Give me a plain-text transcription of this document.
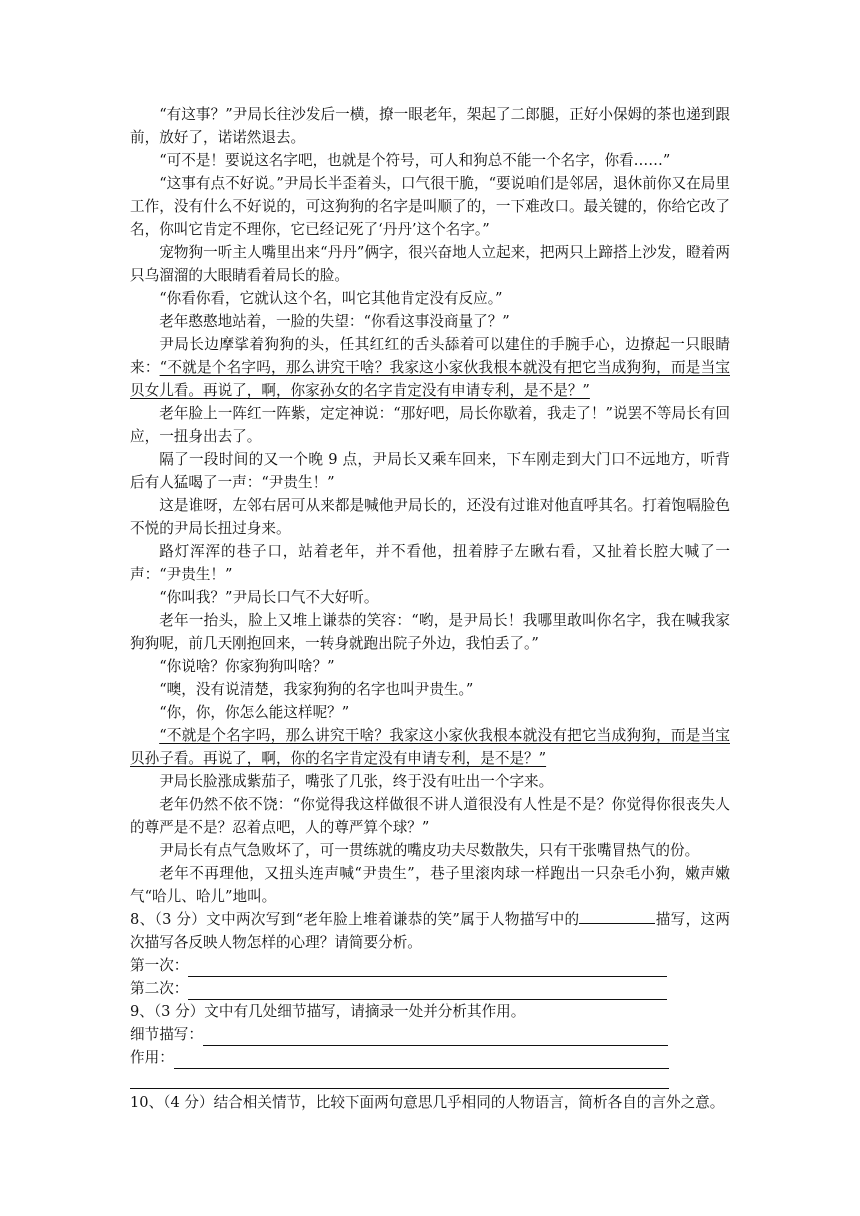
“有这事？”尹局长往沙发后一横，撩一眼老年，架起了二郎腿，正好小保姆的茶也递到跟前，放好了，诺诺然退去。

“可不是！要说这名字吧，也就是个符号，可人和狗总不能一个名字，你看……”

“这事有点不好说。”尹局长半歪着头，口气很干脆，“要说咱们是邻居，退休前你又在局里工作，没有什么不好说的，可这狗狗的名字是叫顺了的，一下难改口。最关键的，你给它改了名，你叫它肯定不理你，它已经记死了‘丹丹’这个名字。”

宠物狗一听主人嘴里出来“丹丹”俩字，很兴奋地人立起来，把两只上蹄搭上沙发，瞪着两只乌溜溜的大眼睛看着局长的脸。

“你看你看，它就认这个名，叫它其他肯定没有反应。”

老年憨憨地站着，一脸的失望：“你看这事没商量了？”

尹局长边摩挲着狗狗的头，任其红红的舌头舔着可以建住的手腕手心，边撩起一只眼睛来：“不就是个名字吗，那么讲究干啥？我家这小家伙我根本就没有把它当成狗狗，而是当宝贝女儿看。再说了，啊，你家孙女的名字肯定没有申请专利，是不是？”

老年脸上一阵红一阵紫，定定神说：“那好吧，局长你歇着，我走了！”说罢不等局长有回应，一扭身出去了。

隔了一段时间的又一个晚 9 点，尹局长又乘车回来，下车刚走到大门口不远地方，听背后有人猛喝了一声：“尹贵生！”

这是谁呀，左邻右居可从来都是喊他尹局长的，还没有过谁对他直呼其名。打着饱嗝脸色不悦的尹局长扭过身来。

路灯浑浑的巷子口，站着老年，并不看他，扭着脖子左瞅右看，又扯着长腔大喊了一声：“尹贵生！”

“你叫我？”尹局长口气不大好听。

老年一抬头，脸上又堆上谦恭的笑容：“哟，是尹局长！我哪里敢叫你名字，我在喊我家狗狗呢，前几天刚抱回来，一转身就跑出院子外边，我怕丢了。”

“你说啥？你家狗狗叫啥？”

“噢，没有说清楚，我家狗狗的名字也叫尹贵生。”

“你，你，你怎么能这样呢？”

“不就是个名字吗，那么讲究干啥？我家这小家伙我根本就没有把它当成狗狗，而是当宝贝孙子看。再说了，啊，你的名字肯定没有申请专利，是不是？”

尹局长脸涨成紫茄子，嘴张了几张，终于没有吐出一个字来。

老年仍然不依不饶：“你觉得我这样做很不讲人道很没有人性是不是？你觉得你很丧失人的尊严是不是？忍着点吧，人的尊严算个球？”

尹局长有点气急败坏了，可一贯练就的嘴皮功夫尽数散失，只有干张嘴冒热气的份。

老年不再理他，又扭头连声喊“尹贵生”，巷子里滚肉球一样跑出一只杂毛小狗，嫩声嫩气“哈儿、哈儿”地叫。

8、（3 分）文中两次写到“老年脸上堆着谦恭的笑”属于人物描写中的	描写，这两次描写各反映人物怎样的心理？请简要分析。

第一次：
第二次：

9、（3 分）文中有几处细节描写，请摘录一处并分析其作用。

细节描写：
作用：

10、（4 分）结合相关情节，比较下面两句意思几乎相同的人物语言，简析各自的言外之意。
